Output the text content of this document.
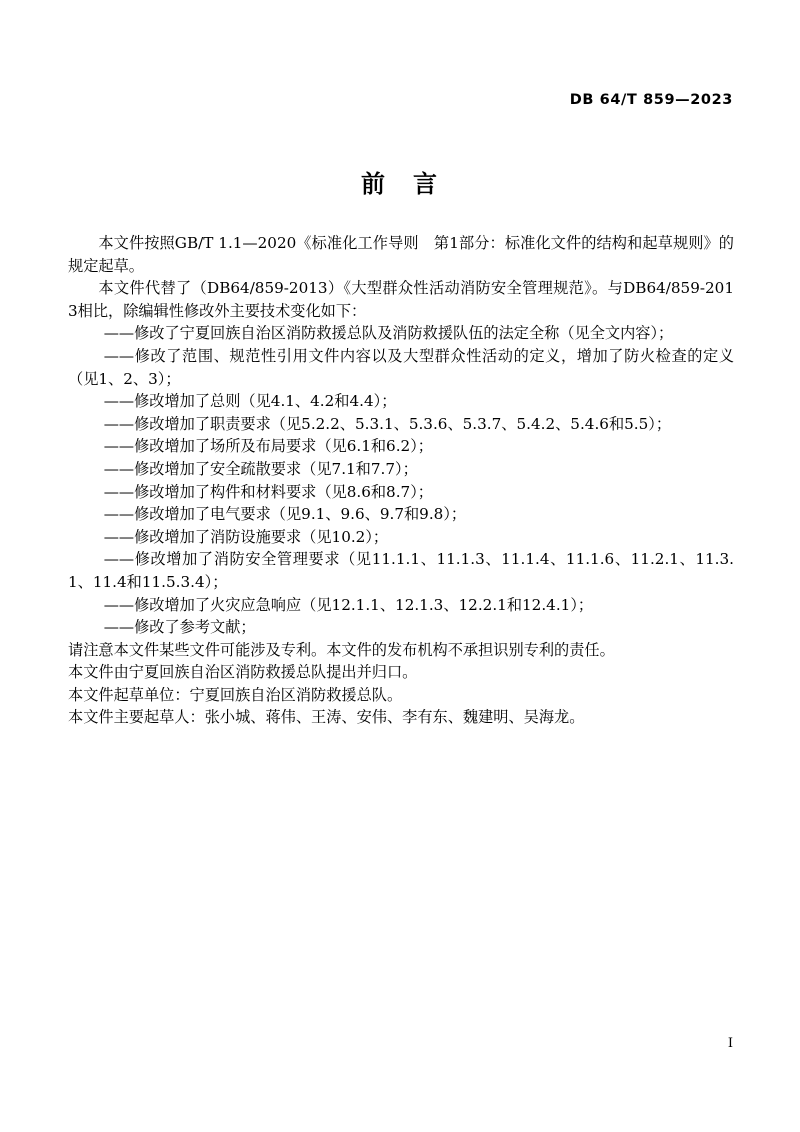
DB 64/T 859—2023
前 言

本文件按照GB/T 1.1—2020《标准化工作导则　第1部分：标准化文件的结构和起草规则》的规定起草。

本文件代替了（DB64/859-2013）《大型群众性活动消防安全管理规范》。与DB64/859-2013相比，除编辑性修改外主要技术变化如下：

——修改了宁夏回族自治区消防救援总队及消防救援队伍的法定全称（见全文内容）；

——修改了范围、规范性引用文件内容以及大型群众性活动的定义，增加了防火检查的定义（见1、2、3）；

——修改增加了总则（见4.1、4.2和4.4）；

——修改增加了职责要求（见5.2.2、5.3.1、5.3.6、5.3.7、5.4.2、5.4.6和5.5）；

——修改增加了场所及布局要求（见6.1和6.2）；

——修改增加了安全疏散要求（见7.1和7.7）；

——修改增加了构件和材料要求（见8.6和8.7）；

——修改增加了电气要求（见9.1、9.6、9.7和9.8）；

——修改增加了消防设施要求（见10.2）；

——修改增加了消防安全管理要求（见11.1.1、11.1.3、11.1.4、11.1.6、11.2.1、11.3.1、11.4和11.5.3.4）；

——修改增加了火灾应急响应（见12.1.1、12.1.3、12.2.1和12.4.1）；

——修改了参考文献；

请注意本文件某些文件可能涉及专利。本文件的发布机构不承担识别专利的责任。

本文件由宁夏回族自治区消防救援总队提出并归口。

本文件起草单位：宁夏回族自治区消防救援总队。

本文件主要起草人：张小城、蒋伟、王涛、安伟、李有东、魏建明、吴海龙。

I
